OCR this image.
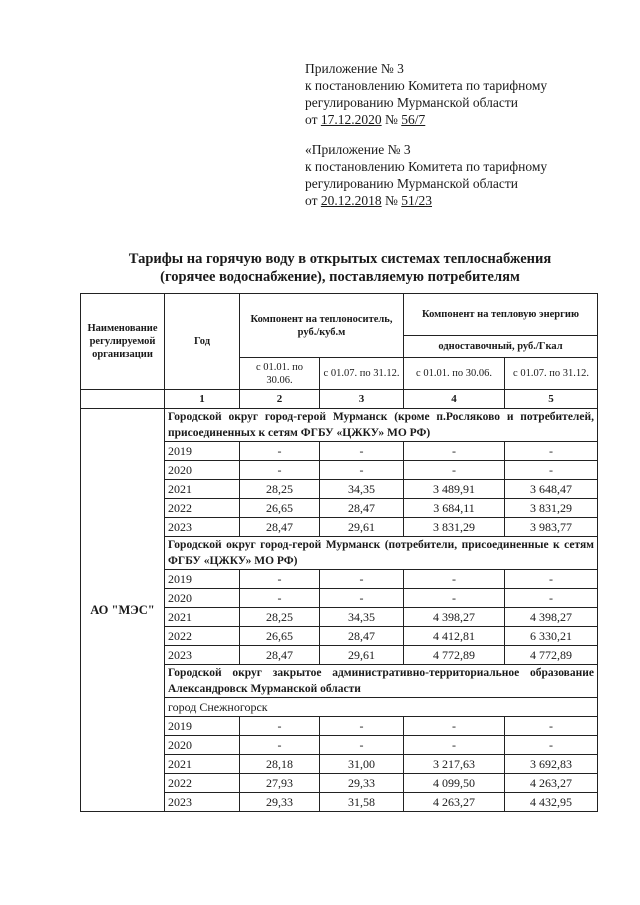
Приложение № 3
к постановлению Комитета по тарифному
регулированию Мурманской области
от 17.12.2020 № 56/7
«Приложение № 3
к постановлению Комитета по тарифному
регулированию Мурманской области
от 20.12.2018 № 51/23
Тарифы на горячую воду в открытых системах теплоснабжения
(горячее водоснабжение), поставляемую потребителям
Наименование регулируемой организации	Год	Компонент на теплоноситель, руб./куб.м		Компонент на тепловую энергию	
				одноставочный, руб./Гкал	
		с 01.01. по 30.06.	с 01.07. по 31.12.	с 01.01. по 30.06.	с 01.07. по 31.12.
	1	2	3	4	5
АО "МЭС"	Городской округ город-герой Мурманск (кроме п.Росляково и потребителей, присоединенных к сетям ФГБУ «ЦЖКУ» МО РФ)				
	2019	-	-	-	-
	2020	-	-	-	-
	2021	28,25	34,35	3 489,91	3 648,47
	2022	26,65	28,47	3 684,11	3 831,29
	2023	28,47	29,61	3 831,29	3 983,77
	Городской округ город-герой Мурманск (потребители, присоединенные к сетям ФГБУ «ЦЖКУ» МО РФ)				
	2019	-	-	-	-
	2020	-	-	-	-
	2021	28,25	34,35	4 398,27	4 398,27
	2022	26,65	28,47	4 412,81	6 330,21
	2023	28,47	29,61	4 772,89	4 772,89
	Городской округ закрытое административно-территориальное образование Александровск Мурманской области				
	город Снежногорск				
	2019	-	-	-	-
	2020	-	-	-	-
	2021	28,18	31,00	3 217,63	3 692,83
	2022	27,93	29,33	4 099,50	4 263,27
	2023	29,33	31,58	4 263,27	4 432,95
